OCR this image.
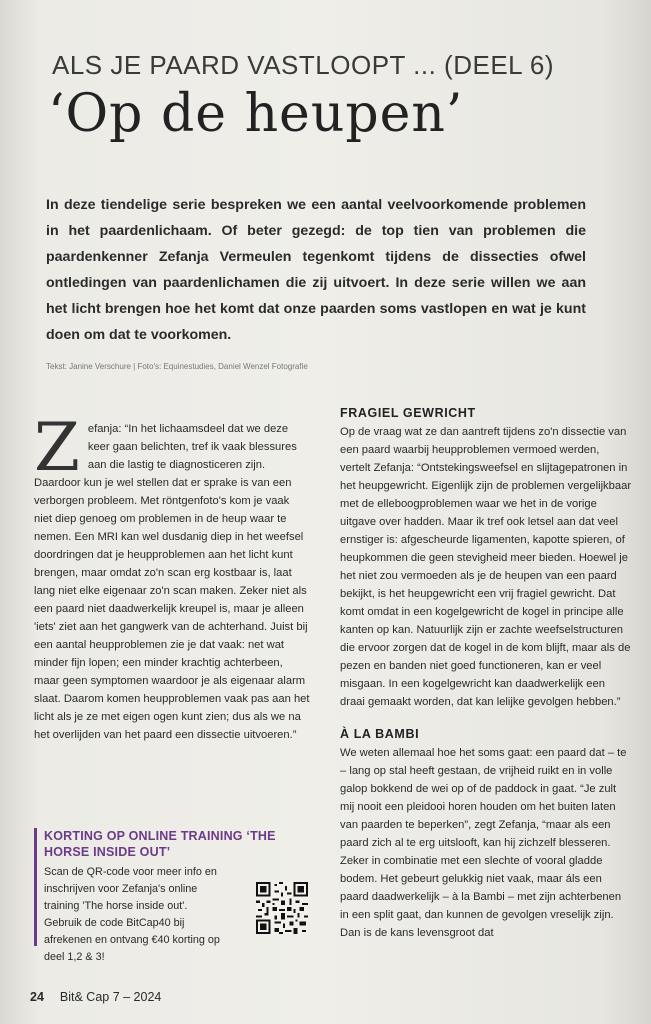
ALS JE PAARD VASTLOOPT ... (DEEL 6)
‘Op de heupen’

In deze tiendelige serie bespreken we een aantal veelvoorkomende problemen in het paardenlichaam. Of beter gezegd: de top tien van problemen die paardenkenner Zefanja Vermeulen tegenkomt tijdens de dissecties ofwel ontledingen van paardenlichamen die zij uitvoert. In deze serie willen we aan het licht brengen hoe het komt dat onze paarden soms vastlopen en wat je kunt doen om dat te voorkomen.

Tekst: Janine Verschure | Foto's: Equinestudies, Daniel Wenzel Fotografie

Zefanja: “In het lichaamsdeel dat we deze keer gaan belichten, tref ik vaak blessures aan die lastig te diagnosticeren zijn. Daardoor kun je wel stellen dat er sprake is van een verborgen probleem. Met röntgenfoto's kom je vaak niet diep genoeg om problemen in de heup waar te nemen. Een MRI kan wel dusdanig diep in het weefsel doordringen dat je heupproblemen aan het licht kunt brengen, maar omdat zo'n scan erg kostbaar is, laat lang niet elke eigenaar zo'n scan maken. Zeker niet als een paard niet daadwerkelijk kreupel is, maar je alleen 'iets' ziet aan het gangwerk van de achterhand. Juist bij een aantal heupproblemen zie je dat vaak: net wat minder fijn lopen; een minder krachtig achterbeen, maar geen symptomen waardoor je als eigenaar alarm slaat. Daarom komen heupproblemen vaak pas aan het licht als je ze met eigen ogen kunt zien; dus als we na het overlijden van het paard een dissectie uitvoeren.”

FRAGIEL GEWRICHT

Op de vraag wat ze dan aantreft tijdens zo'n dissectie van een paard waarbij heupproblemen vermoed werden, vertelt Zefanja: “Ontstekingsweefsel en slijtagepatronen in het heupgewricht. Eigenlijk zijn de problemen vergelijkbaar met de elleboogproblemen waar we het in de vorige uitgave over hadden. Maar ik tref ook letsel aan dat veel ernstiger is: afgescheurde ligamenten, kapotte spieren, of heupkommen die geen stevigheid meer bieden. Hoewel je het niet zou vermoeden als je de heupen van een paard bekijkt, is het heupgewricht een vrij fragiel gewricht. Dat komt omdat in een kogelgewricht de kogel in principe alle kanten op kan. Natuurlijk zijn er zachte weefselstructuren die ervoor zorgen dat de kogel in de kom blijft, maar als de pezen en banden niet goed functioneren, kan er veel misgaan. In een kogelgewricht kan daadwerkelijk een draai gemaakt worden, dat kan lelijke gevolgen hebben.”

À LA BAMBI

We weten allemaal hoe het soms gaat: een paard dat – te – lang op stal heeft gestaan, de vrijheid ruikt en in volle galop bokkend de wei op of de paddock in gaat. “Je zult mij nooit een pleidooi horen houden om het buiten laten van paarden te beperken”, zegt Zefanja, “maar als een paard zich al te erg uitslooft, kan hij zichzelf blesseren. Zeker in combinatie met een slechte of vooral gladde bodem. Het gebeurt gelukkig niet vaak, maar áls een paard daadwerkelijk – à la Bambi – met zijn achterbenen in een split gaat, dan kunnen de gevolgen vreselijk zijn. Dan is de kans levensgroot dat

KORTING OP ONLINE TRAINING ‘THE HORSE INSIDE OUT’

Scan de QR-code voor meer info en inschrijven voor Zefanja's online training 'The horse inside out'. Gebruik de code BitCap40 bij afrekenen en ontvang €40 korting op deel 1,2 & 3!

24 Bit& Cap 7 – 2024
